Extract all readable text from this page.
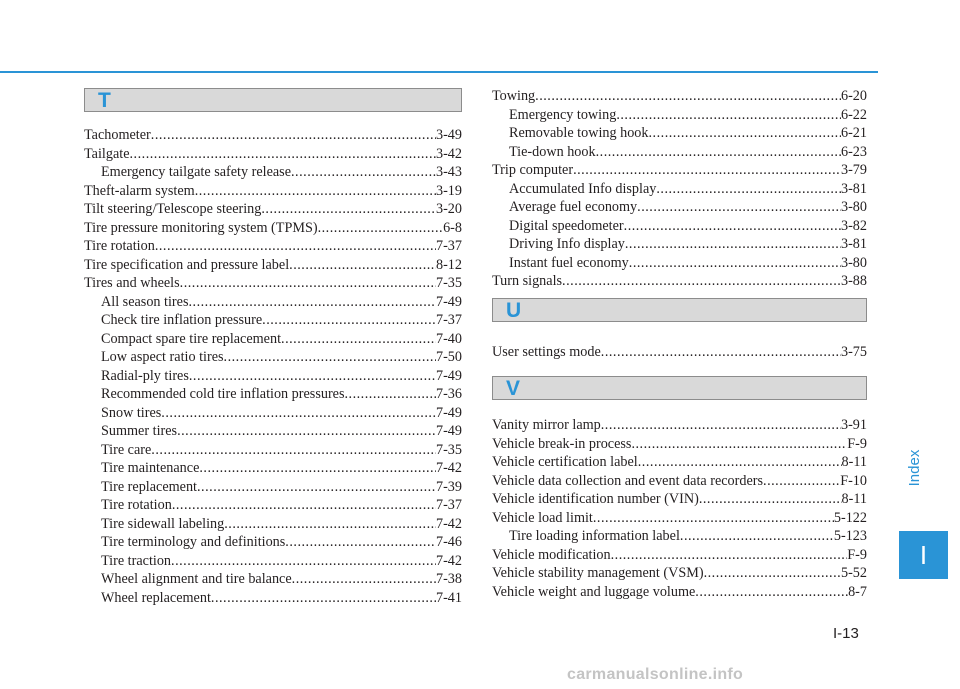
T
Tachometer .....	3-49
Tailgate .....	3-42
Emergency tailgate safety release .....	3-43
Theft-alarm system .....	3-19
Tilt steering/Telescope steering .....	3-20
Tire pressure monitoring system (TPMS) .....	6-8
Tire rotation .....	7-37
Tire specification and pressure label .....	8-12
Tires and wheels .....	7-35
All season tires .....	7-49
Check tire inflation pressure .....	7-37
Compact spare tire replacement .....	7-40
Low aspect ratio tires .....	7-50
Radial-ply tires .....	7-49
Recommended cold tire inflation pressures .....	7-36
Snow tires .....	7-49
Summer tires .....	7-49
Tire care .....	7-35
Tire maintenance .....	7-42
Tire replacement .....	7-39
Tire rotation .....	7-37
Tire sidewall labeling .....	7-42
Tire terminology and definitions .....	7-46
Tire traction .....	7-42
Wheel alignment and tire balance .....	7-38
Wheel replacement .....	7-41
Towing .....	6-20
Emergency towing .....	6-22
Removable towing hook .....	6-21
Tie-down hook .....	6-23
Trip computer .....	3-79
Accumulated Info display .....	3-81
Average fuel economy .....	3-80
Digital speedometer .....	3-82
Driving Info display .....	3-81
Instant fuel economy .....	3-80
Turn signals .....	3-88
U
User settings mode .....	3-75
V
Vanity mirror lamp .....	3-91
Vehicle break-in process .....	F-9
Vehicle certification label .....	8-11
Vehicle data collection and event data recorders .....	F-10
Vehicle identification number (VIN) .....	8-11
Vehicle load limit .....	5-122
Tire loading information label .....	5-123
Vehicle modification .....	F-9
Vehicle stability management (VSM) .....	5-52
Vehicle weight and luggage volume .....	8-7
Index
I
I-13
carmanualsonline.info
